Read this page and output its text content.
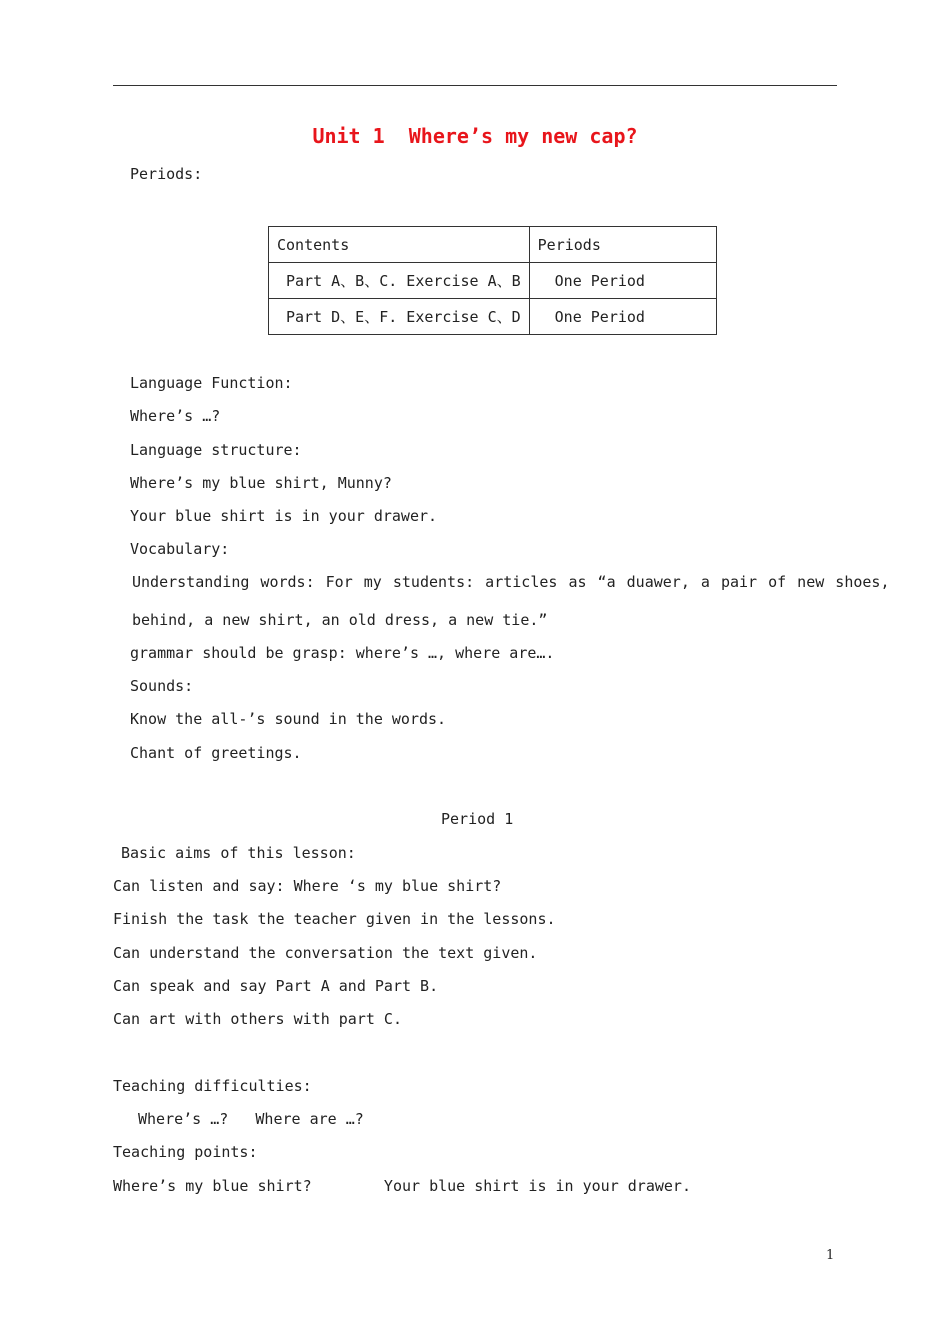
Unit 1  Where’s my new cap?
Periods:
Contents	Periods
Part A、B、C. Exercise A、B	One Period
Part D、E、F. Exercise C、D	One Period
Language Function:
Where’s …?
Language structure:
Where’s my blue shirt, Munny?
Your blue shirt is in your drawer.
Vocabulary:
Understanding words: For my students: articles as “a duawer, a pair of new shoes,
behind, a new shirt, an old dress, a new tie.”
grammar should be grasp: where’s …, where are….
Sounds:
Know the all-’s sound in the words.
Chant of greetings.
Period 1
Basic aims of this lesson:
Can listen and say: Where ‘s my blue shirt?
Finish the task the teacher given in the lessons.
Can understand the conversation the text given.
Can speak and say Part A and Part B.
Can art with others with part C.
Teaching difficulties:
Where’s …?   Where are …?
Teaching points:
Where’s my blue shirt?        Your blue shirt is in your drawer.
1
